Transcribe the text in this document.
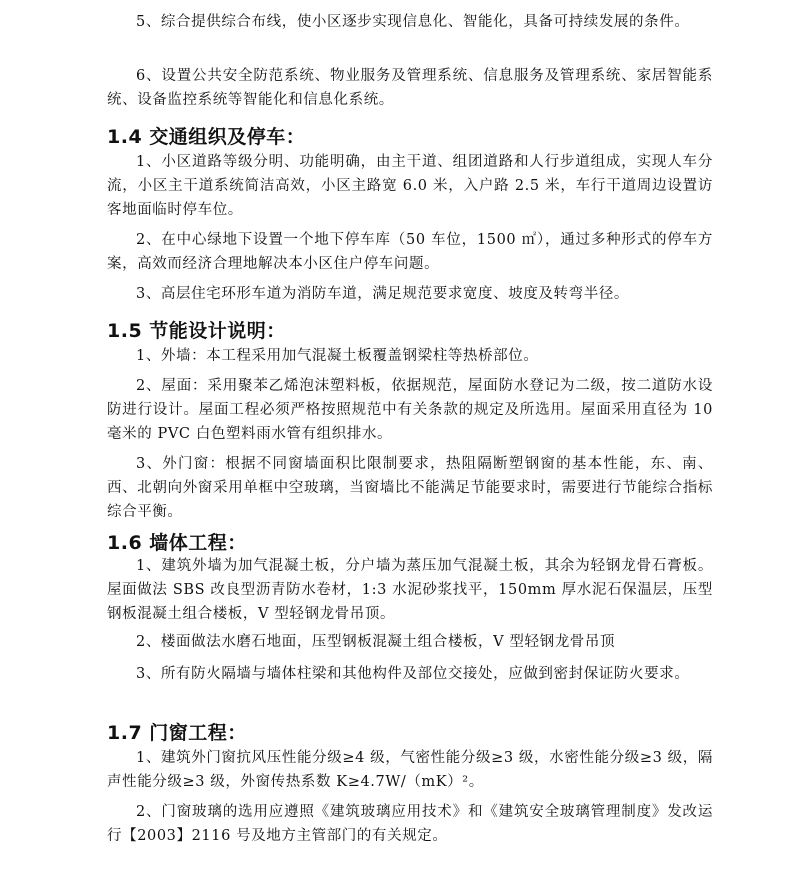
5、综合提供综合布线，使小区逐步实现信息化、智能化，具备可持续发展的条件。

6、设置公共安全防范系统、物业服务及管理系统、信息服务及管理系统、家居智能系统、设备监控系统等智能化和信息化系统。

1.4 交通组织及停车：

1、小区道路等级分明、功能明确，由主干道、组团道路和人行步道组成，实现人车分流，小区主干道系统简洁高效，小区主路宽 6.0 米，入户路 2.5 米，车行干道周边设置访客地面临时停车位。

2、在中心绿地下设置一个地下停车库（50 车位，1500 ㎡），通过多种形式的停车方案，高效而经济合理地解决本小区住户停车问题。

3、高层住宅环形车道为消防车道，满足规范要求宽度、坡度及转弯半径。

1.5 节能设计说明：

1、外墙：本工程采用加气混凝土板覆盖钢梁柱等热桥部位。

2、屋面：采用聚苯乙烯泡沫塑料板，依据规范，屋面防水登记为二级，按二道防水设防进行设计。屋面工程必须严格按照规范中有关条款的规定及所选用。屋面采用直径为 10 毫米的 PVC 白色塑料雨水管有组织排水。

3、外门窗：根据不同窗墙面积比限制要求，热阻隔断塑钢窗的基本性能，东、南、西、北朝向外窗采用单框中空玻璃，当窗墙比不能满足节能要求时，需要进行节能综合指标综合平衡。

1.6 墙体工程：

1、建筑外墙为加气混凝土板，分户墙为蒸压加气混凝土板，其余为轻钢龙骨石膏板。屋面做法 SBS 改良型沥青防水卷材，1:3 水泥砂浆找平，150mm 厚水泥石保温层，压型钢板混凝土组合楼板，V 型轻钢龙骨吊顶。

2、楼面做法水磨石地面，压型钢板混凝土组合楼板，V 型轻钢龙骨吊顶

3、所有防火隔墙与墙体柱梁和其他构件及部位交接处，应做到密封保证防火要求。

1.7 门窗工程：

1、建筑外门窗抗风压性能分级≥4 级，气密性能分级≥3 级，水密性能分级≥3 级，隔声性能分级≥3 级，外窗传热系数 K≥4.7W/（mK）²。

2、门窗玻璃的选用应遵照《建筑玻璃应用技术》和《建筑安全玻璃管理制度》发改运行【2003】2116 号及地方主管部门的有关规定。
